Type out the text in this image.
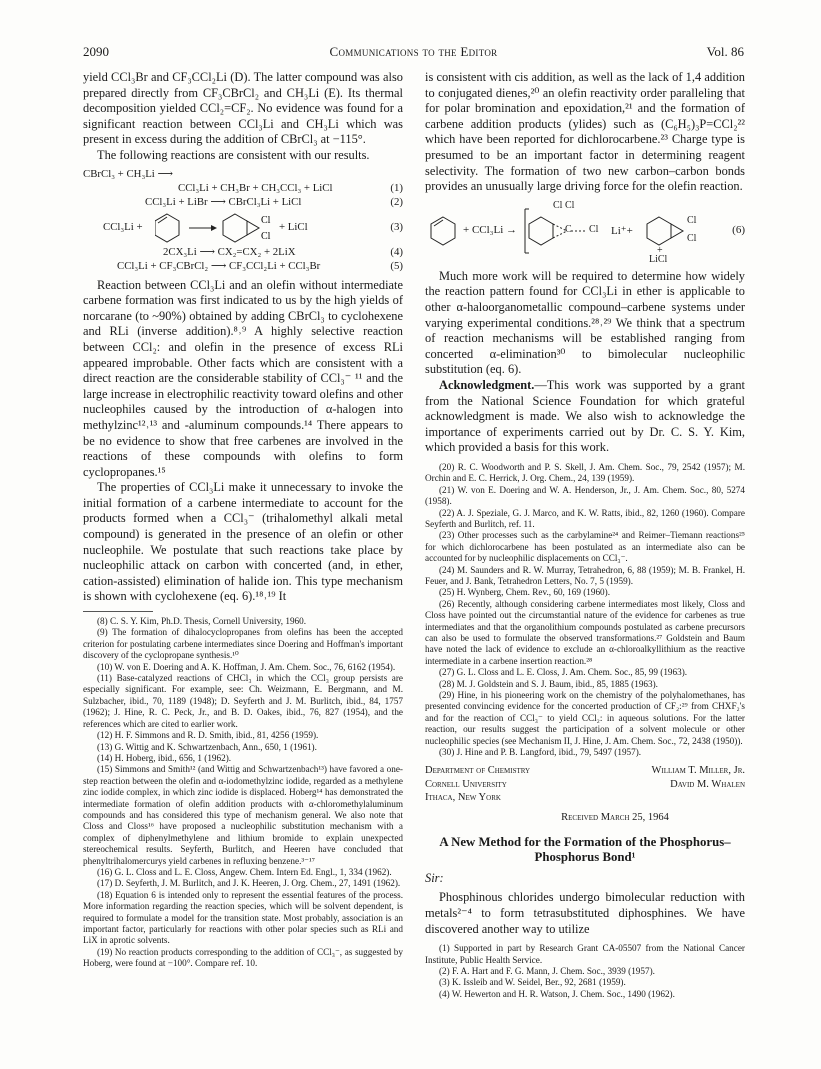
2090	Communications to the Editor	Vol. 86

yield CCl₃Br and CF₃CCl₂Li (D). The latter compound was also prepared directly from CF₃CBrCl₂ and CH₃Li (E). Its thermal decomposition yielded CCl₂=CF₂. No evidence was found for a significant reaction between CCl₃Li and CH₃Li which was present in excess during the addition of CBrCl₃ at −115°.

The following reactions are consistent with our results.

CBrCl₃ + CH₃Li ⟶
CCl₃Li + CH₃Br + CH₃CCl₃ + LiCl	(1)
CCl₃Li + LiBr ⟶ CBrCl₃Li + LiCl	(2)
CCl₃Li +
Cl
Cl
+ LiCl	(3)
2CX₃Li ⟶ CX₂=CX₂ + 2LiX	(4)
CCl₃Li + CF₃CBrCl₂ ⟶ CF₃CCl₂Li + CCl₃Br	(5)

Reaction between CCl₃Li and an olefin without intermediate carbene formation was first indicated to us by the high yields of norcarane (to ~90%) obtained by adding CBrCl₃ to cyclohexene and RLi (inverse addition).⁸˒⁹ A highly selective reaction between CCl₂: and olefin in the presence of excess RLi appeared improbable. Other facts which are consistent with a direct reaction are the considerable stability of CCl₃⁻ ¹¹ and the large increase in electrophilic reactivity toward olefins and other nucleophiles caused by the introduction of α-halogen into methylzinc¹²˒¹³ and -aluminum compounds.¹⁴ There appears to be no evidence to show that free carbenes are involved in the reactions of these compounds with olefins to form cyclopropanes.¹⁵

The properties of CCl₃Li make it unnecessary to invoke the initial formation of a carbene intermediate to account for the products formed when a CCl₃⁻ (trihalomethyl alkali metal compound) is generated in the presence of an olefin or other nucleophile. We postulate that such reactions take place by nucleophilic attack on carbon with concerted (and, in ether, cation-assisted) elimination of halide ion. This type mechanism is shown with cyclohexene (eq. 6).¹⁸˒¹⁹ It

(8) C. S. Y. Kim, Ph.D. Thesis, Cornell University, 1960.

(9) The formation of dihalocyclopropanes from olefins has been the accepted criterion for postulating carbene intermediates since Doering and Hoffman's important discovery of the cyclopropane synthesis.¹⁰

(10) W. von E. Doering and A. K. Hoffman, J. Am. Chem. Soc., 76, 6162 (1954).

(11) Base-catalyzed reactions of CHCl₃ in which the CCl₃ group persists are especially significant. For example, see: Ch. Weizmann, E. Bergmann, and M. Sulzbacher, ibid., 70, 1189 (1948); D. Seyferth and J. M. Burlitch, ibid., 84, 1757 (1962); J. Hine, R. C. Peck, Jr., and B. D. Oakes, ibid., 76, 827 (1954), and the references which are cited to earlier work.

(12) H. F. Simmons and R. D. Smith, ibid., 81, 4256 (1959).

(13) G. Wittig and K. Schwartzenbach, Ann., 650, 1 (1961).

(14) H. Hoberg, ibid., 656, 1 (1962).

(15) Simmons and Smith¹² (and Wittig and Schwartzenbach¹³) have favored a one-step reaction between the olefin and α-iodomethylzinc iodide, regarded as a methylene zinc iodide complex, in which zinc iodide is displaced. Hoberg¹⁴ has demonstrated the intermediate formation of olefin addition products with α-chloromethylaluminum compounds and has considered this type of mechanism general. We also note that Closs and Closs¹⁶ have proposed a nucleophilic substitution mechanism with a complex of diphenylmethylene and lithium bromide to explain unexpected stereochemical results. Seyferth, Burlitch, and Heeren have concluded that phenyltrihalomercurys yield carbenes in refluxing benzene.³⁻¹⁷

(16) G. L. Closs and L. E. Closs, Angew. Chem. Intern Ed. Engl., 1, 334 (1962).

(17) D. Seyferth, J. M. Burlitch, and J. K. Heeren, J. Org. Chem., 27, 1491 (1962).

(18) Equation 6 is intended only to represent the essential features of the process. More information regarding the reaction species, which will be solvent dependent, is required to formulate a model for the transition state. Most probably, association is an important factor, particularly for reactions with other polar species such as RLi and LiX in aprotic solvents.

(19) No reaction products corresponding to the addition of CCl₃⁻, as suggested by Hoberg, were found at −100°. Compare ref. 10.

is consistent with cis addition, as well as the lack of 1,4 addition to conjugated dienes,²⁰ an olefin reactivity order paralleling that for polar bromination and epoxidation,²¹ and the formation of carbene addition products (ylides) such as (C₆H₅)₃P=CCl₂²² which have been reported for dichlorocarbene.²³ Charge type is presumed to be an important factor in determining reagent selectivity. The formation of two new carbon–carbon bonds provides an unusually large driving force for the olefin reaction.

+ CCl₃Li →
Cl Cl
C Cl Li⁺+
Cl
Cl
+
LiCl
(6)

Much more work will be required to determine how widely the reaction pattern found for CCl₃Li in ether is applicable to other α-haloorganometallic compound–carbene systems under varying experimental conditions.²⁸˒²⁹ We think that a spectrum of reaction mechanisms will be established ranging from concerted α-elimination³⁰ to bimolecular nucleophilic substitution (eq. 6).

Acknowledgment.—This work was supported by a grant from the National Science Foundation for which grateful acknowledgment is made. We also wish to acknowledge the importance of experiments carried out by Dr. C. S. Y. Kim, which provided a basis for this work.

(20) R. C. Woodworth and P. S. Skell, J. Am. Chem. Soc., 79, 2542 (1957); M. Orchin and E. C. Herrick, J. Org. Chem., 24, 139 (1959).

(21) W. von E. Doering and W. A. Henderson, Jr., J. Am. Chem. Soc., 80, 5274 (1958).

(22) A. J. Speziale, G. J. Marco, and K. W. Ratts, ibid., 82, 1260 (1960). Compare Seyferth and Burlitch, ref. 11.

(23) Other processes such as the carbylamine²⁴ and Reimer–Tiemann reactions²⁵ for which dichlorocarbene has been postulated as an intermediate also can be accounted for by nucleophilic displacements on CCl₃⁻.

(24) M. Saunders and R. W. Murray, Tetrahedron, 6, 88 (1959); M. B. Frankel, H. Feuer, and J. Bank, Tetrahedron Letters, No. 7, 5 (1959).

(25) H. Wynberg, Chem. Rev., 60, 169 (1960).

(26) Recently, although considering carbene intermediates most likely, Closs and Closs have pointed out the circumstantial nature of the evidence for carbenes as true intermediates and that the organolithium compounds postulated as carbene precursors can also be used to formulate the observed transformations.²⁷ Goldstein and Baum have noted the lack of evidence to exclude an α-chloroalkyllithium as the reactive intermediate in a carbene insertion reaction.²⁸

(27) G. L. Closs and L. E. Closs, J. Am. Chem. Soc., 85, 99 (1963).

(28) M. J. Goldstein and S. J. Baum, ibid., 85, 1885 (1963).

(29) Hine, in his pioneering work on the chemistry of the polyhalomethanes, has presented convincing evidence for the concerted production of CF₂:²⁹ from CHXF₂'s and for the reaction of CCl₃⁻ to yield CCl₂: in aqueous solutions. For the latter reaction, our results suggest the participation of a solvent molecule or other nucleophilic species (see Mechanism II, J. Hine, J. Am. Chem. Soc., 72, 2438 (1950)).

(30) J. Hine and P. B. Langford, ibid., 79, 5497 (1957).

Department of Chemistry
Cornell University
Ithaca, New York
William T. Miller, Jr.
David M. Whalen
Received March 25, 1964
A New Method for the Formation of the Phosphorus–Phosphorus Bond¹
Sir:

Phosphinous chlorides undergo bimolecular reduction with metals²⁻⁴ to form tetrasubstituted diphosphines. We have discovered another way to utilize

(1) Supported in part by Research Grant CA-05507 from the National Cancer Institute, Public Health Service.

(2) F. A. Hart and F. G. Mann, J. Chem. Soc., 3939 (1957).

(3) K. Issleib and W. Seidel, Ber., 92, 2681 (1959).

(4) W. Hewerton and H. R. Watson, J. Chem. Soc., 1490 (1962).
